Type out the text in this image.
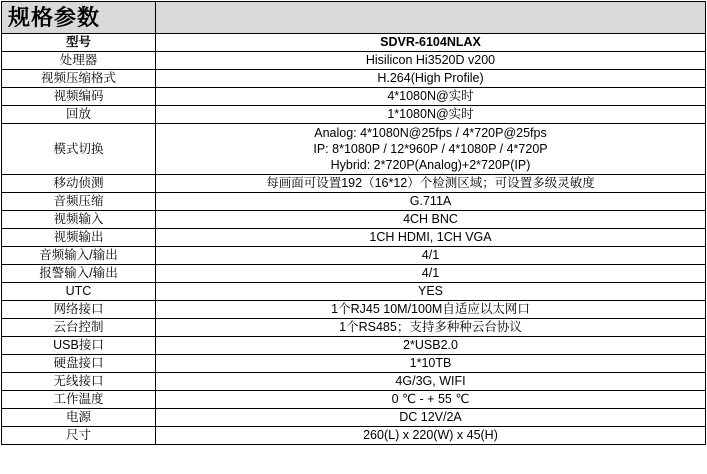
规格参数	
型号	SDVR-6104NLAX
处理器	Hisilicon Hi3520D v200
视频压缩格式	H.264(High Profile)
视频编码	4*1080N@实时
回放	1*1080N@实时
模式切换	Analog: 4*1080N@25fps / 4*720P@25fps
IP: 8*1080P / 12*960P / 4*1080P / 4*720P
Hybrid: 2*720P(Analog)+2*720P(IP)

移动侦测	每画面可设置192（16*12）个检测区域；可设置多级灵敏度
音频压缩	G.711A
视频输入	4CH BNC
视频输出	1CH HDMI, 1CH VGA
音频输入/输出	4/1
报警输入/输出	4/1
UTC	YES
网络接口	1个RJ45 10M/100M自适应以太网口
云台控制	1个RS485；支持多种种云台协议
USB接口	2*USB2.0
硬盘接口	1*10TB
无线接口	4G/3G, WIFI
工作温度	0 ℃ - + 55 ℃
电源	DC 12V/2A
尺寸	260(L) x 220(W) x 45(H)
